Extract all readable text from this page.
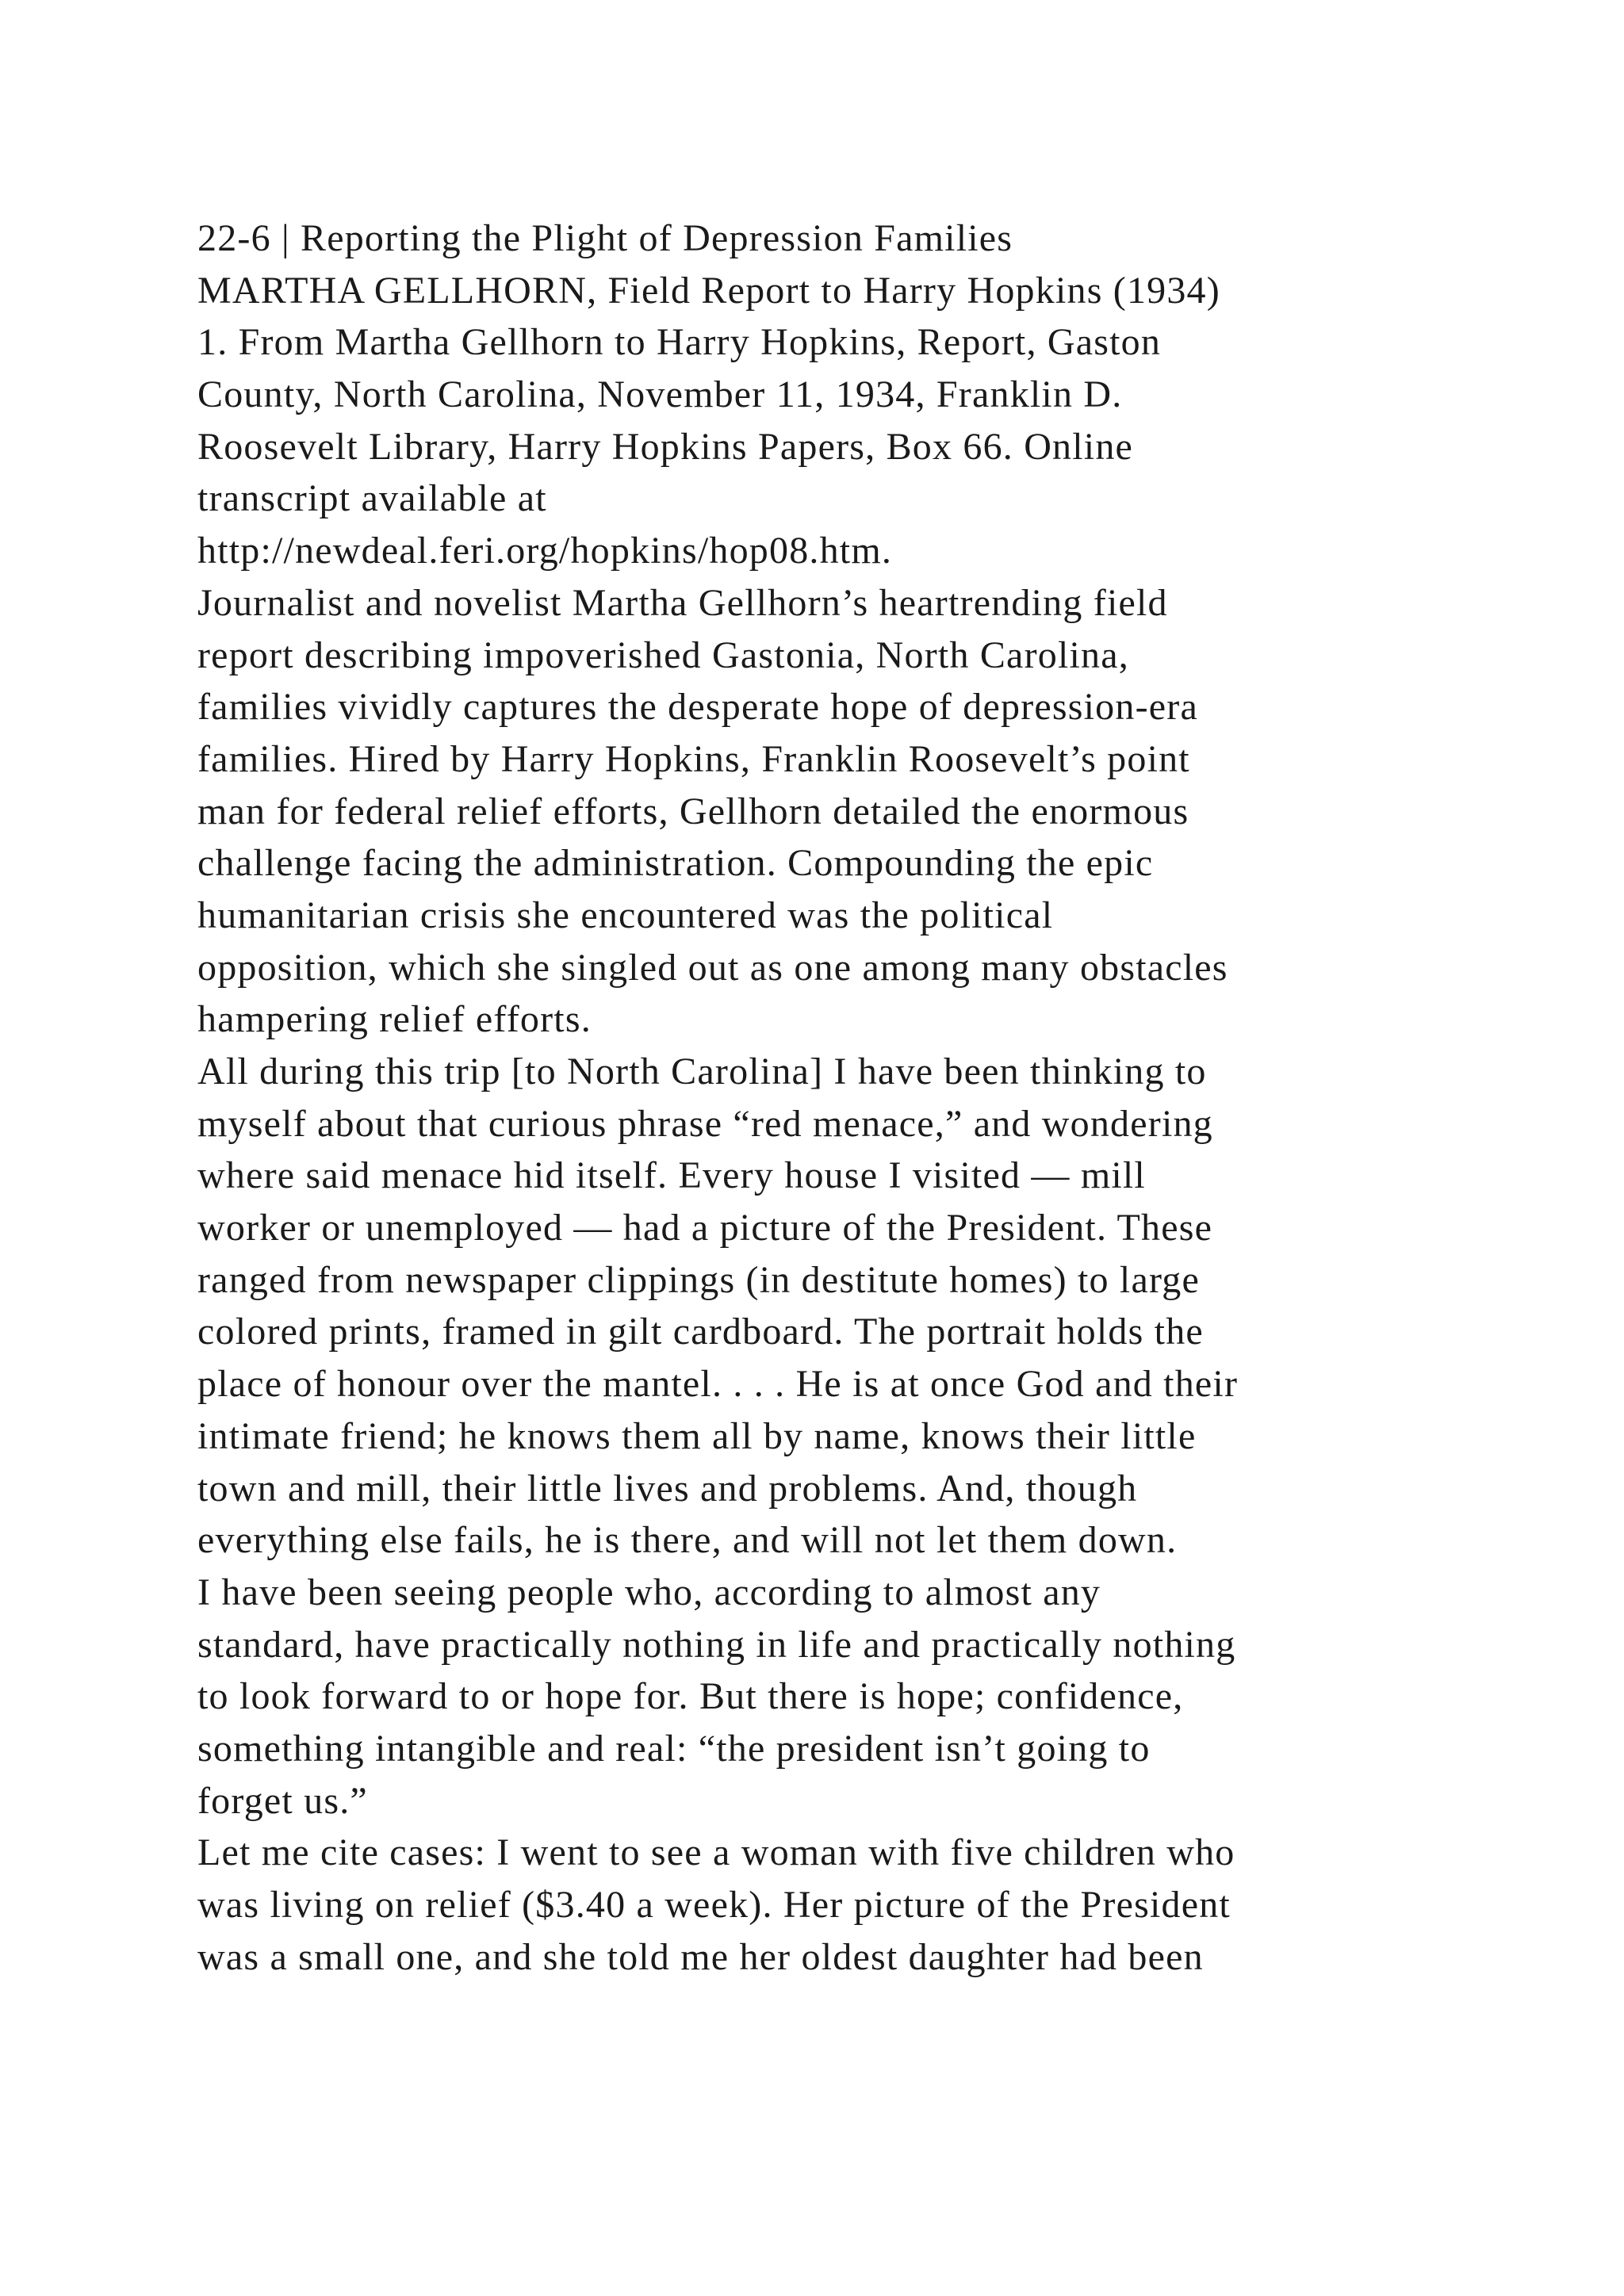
22-6 | Reporting the Plight of Depression Families
MARTHA GELLHORN, Field Report to Harry Hopkins (1934)
1. From Martha Gellhorn to Harry Hopkins, Report, Gaston
County, North Carolina, November 11, 1934, Franklin D.
Roosevelt Library, Harry Hopkins Papers, Box 66. Online
transcript available at
http://newdeal.feri.org/hopkins/hop08.htm.
Journalist and novelist Martha Gellhorn’s heartrending field
report describing impoverished Gastonia, North Carolina,
families vividly captures the desperate hope of depression-era
families. Hired by Harry Hopkins, Franklin Roosevelt’s point
man for federal relief efforts, Gellhorn detailed the enormous
challenge facing the administration. Compounding the epic
humanitarian crisis she encountered was the political
opposition, which she singled out as one among many obstacles
hampering relief efforts.
All during this trip [to North Carolina] I have been thinking to
myself about that curious phrase “red menace,” and wondering
where said menace hid itself. Every house I visited — mill
worker or unemployed — had a picture of the President. These
ranged from newspaper clippings (in destitute homes) to large
colored prints, framed in gilt cardboard. The portrait holds the
place of honour over the mantel. . . . He is at once God and their
intimate friend; he knows them all by name, knows their little
town and mill, their little lives and problems. And, though
everything else fails, he is there, and will not let them down.
I have been seeing people who, according to almost any
standard, have practically nothing in life and practically nothing
to look forward to or hope for. But there is hope; confidence,
something intangible and real: “the president isn’t going to
forget us.”
Let me cite cases: I went to see a woman with five children who
was living on relief ($3.40 a week). Her picture of the President
was a small one, and she told me her oldest daughter had been
